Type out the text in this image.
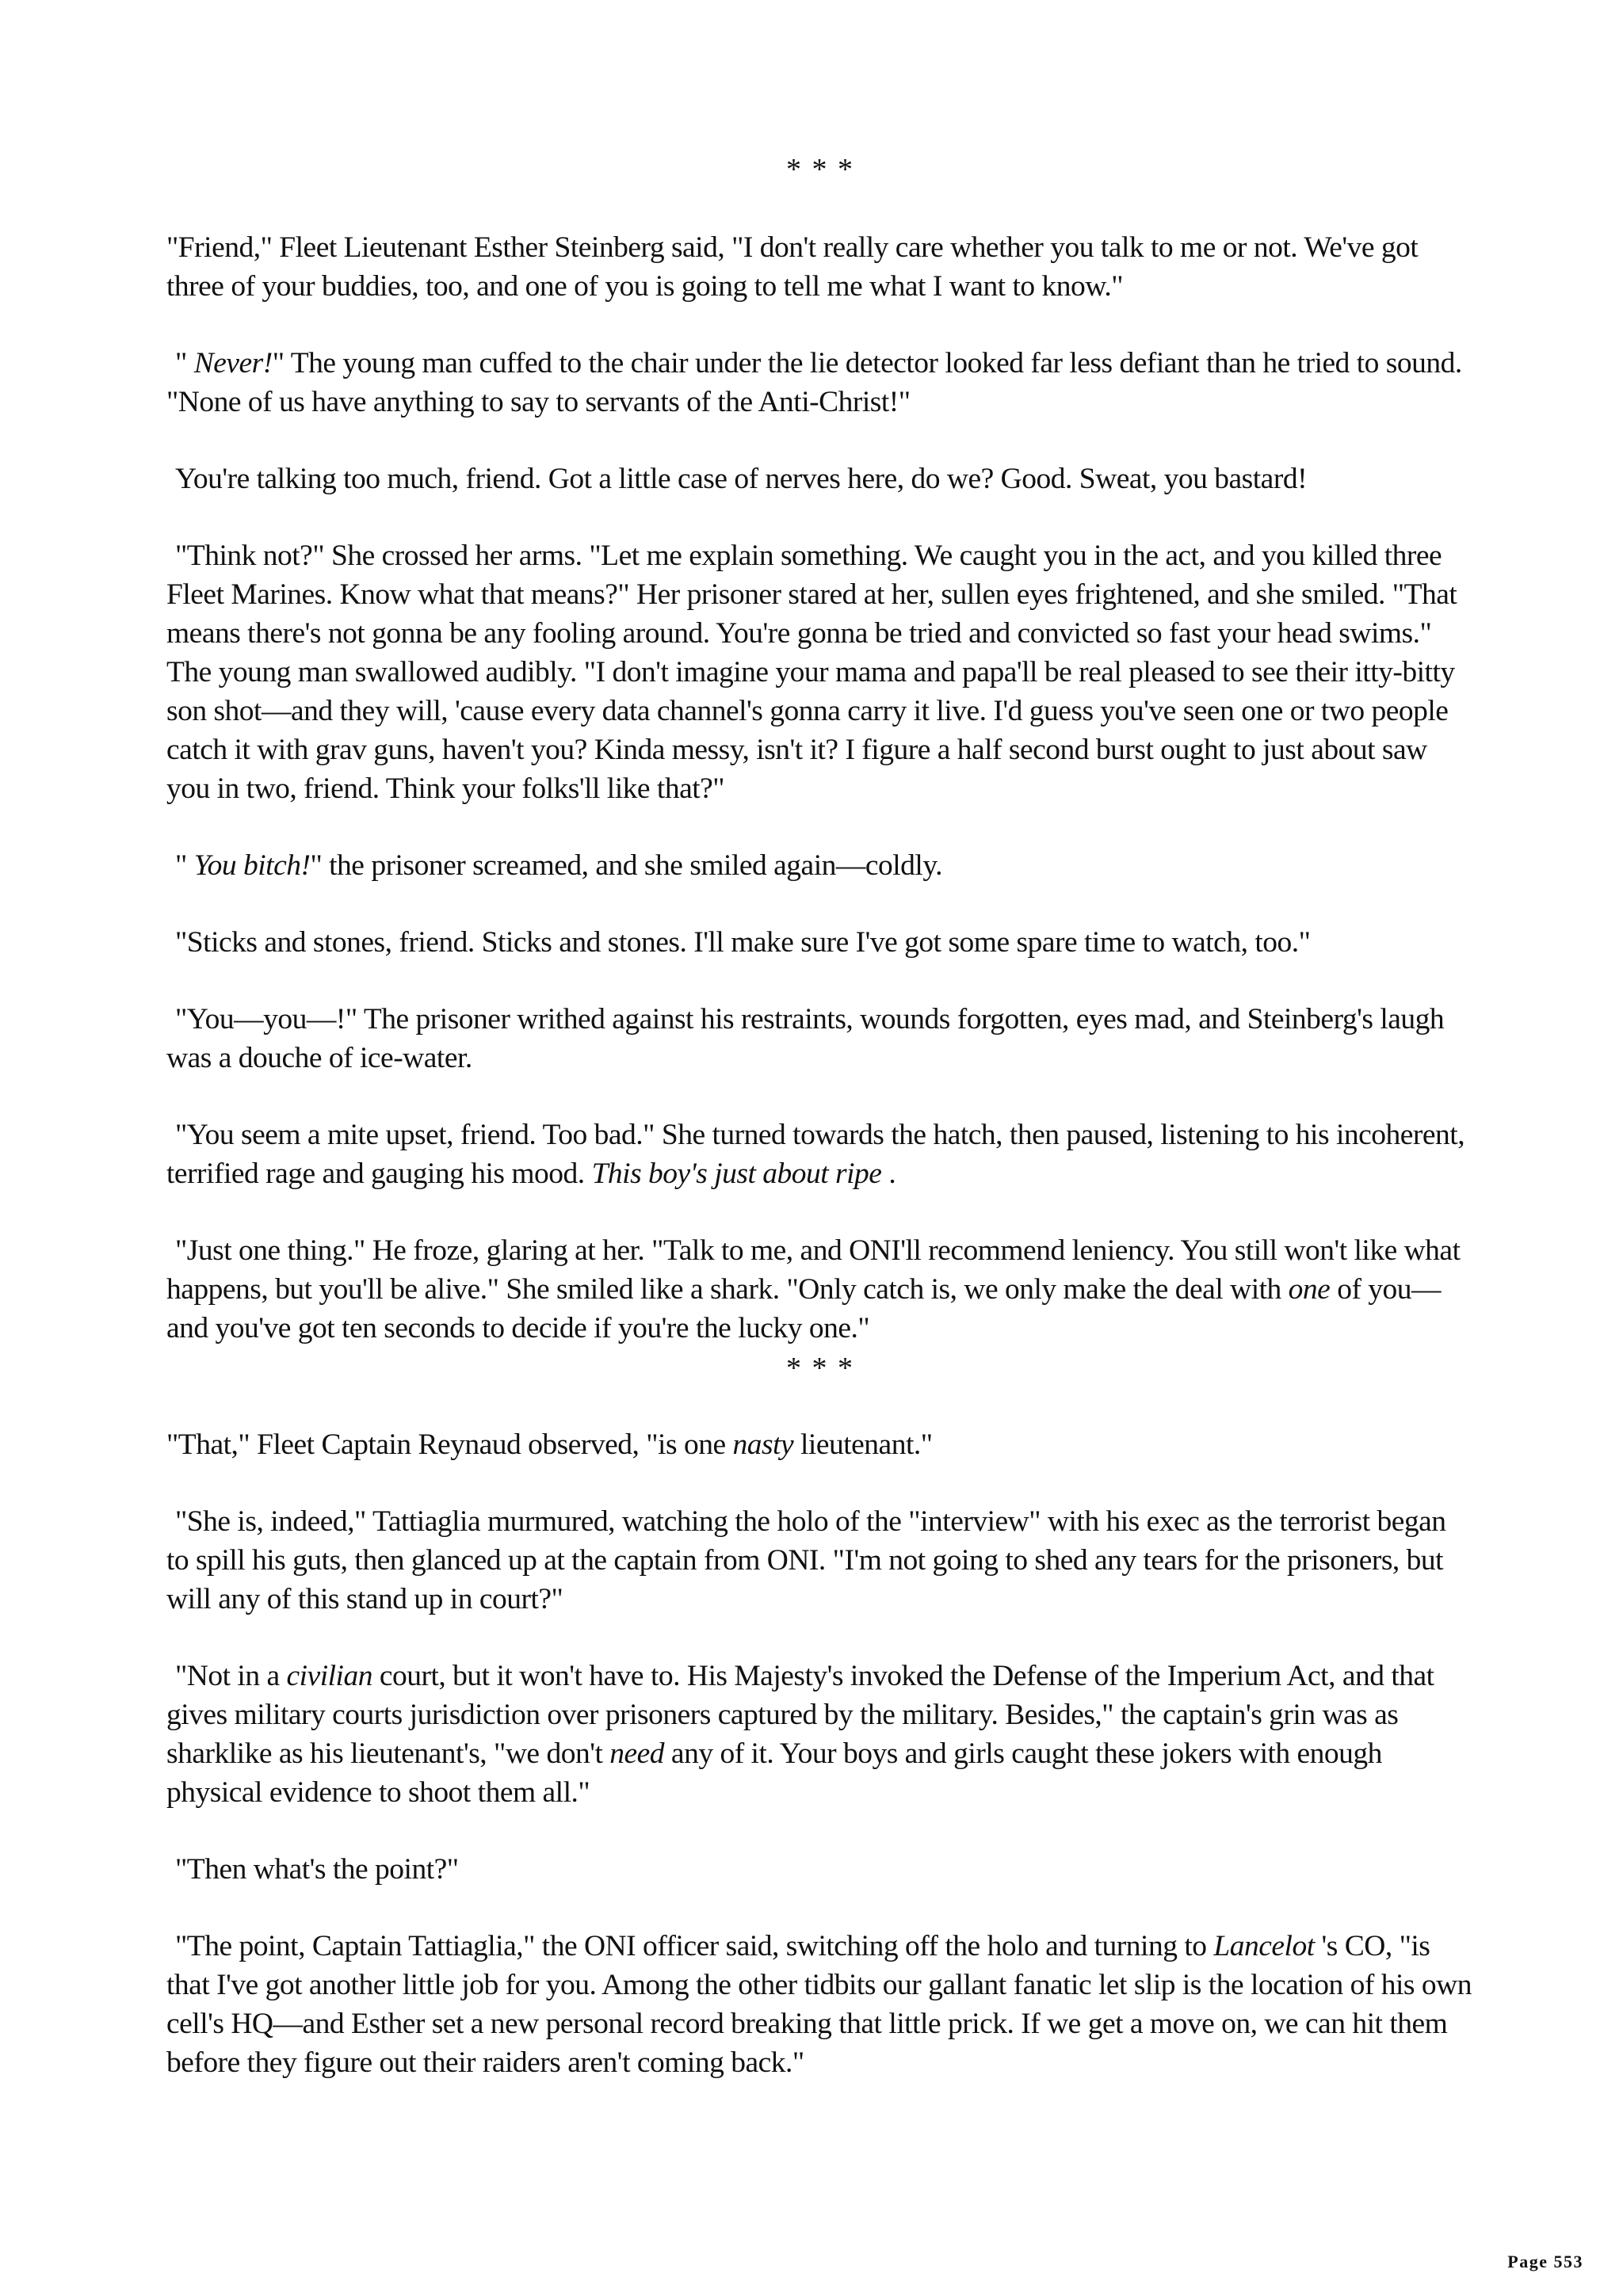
* * *

"Friend," Fleet Lieutenant Esther Steinberg said, "I don't really care whether you talk to me or not. We've got three of your buddies, too, and one of you is going to tell me what I want to know."

" Never!" The young man cuffed to the chair under the lie detector looked far less defiant than he tried to sound. "None of us have anything to say to servants of the Anti-Christ!"

You're talking too much, friend. Got a little case of nerves here, do we? Good. Sweat, you bastard!

"Think not?" She crossed her arms. "Let me explain something. We caught you in the act, and you killed three Fleet Marines. Know what that means?" Her prisoner stared at her, sullen eyes frightened, and she smiled. "That means there's not gonna be any fooling around. You're gonna be tried and convicted so fast your head swims." The young man swallowed audibly. "I don't imagine your mama and papa'll be real pleased to see their itty-bitty son shot—and they will, 'cause every data channel's gonna carry it live. I'd guess you've seen one or two people catch it with grav guns, haven't you? Kinda messy, isn't it? I figure a half second burst ought to just about saw you in two, friend. Think your folks'll like that?"

" You bitch!" the prisoner screamed, and she smiled again—coldly.

"Sticks and stones, friend. Sticks and stones. I'll make sure I've got some spare time to watch, too."

"You—you—!" The prisoner writhed against his restraints, wounds forgotten, eyes mad, and Steinberg's laugh was a douche of ice-water.

"You seem a mite upset, friend. Too bad." She turned towards the hatch, then paused, listening to his incoherent, terrified rage and gauging his mood. This boy's just about ripe .

"Just one thing." He froze, glaring at her. "Talk to me, and ONI'll recommend leniency. You still won't like what happens, but you'll be alive." She smiled like a shark. "Only catch is, we only make the deal with one of you—and you've got ten seconds to decide if you're the lucky one."

* * *

"That," Fleet Captain Reynaud observed, "is one nasty lieutenant."

"She is, indeed," Tattiaglia murmured, watching the holo of the "interview" with his exec as the terrorist began to spill his guts, then glanced up at the captain from ONI. "I'm not going to shed any tears for the prisoners, but will any of this stand up in court?"

"Not in a civilian court, but it won't have to. His Majesty's invoked the Defense of the Imperium Act, and that gives military courts jurisdiction over prisoners captured by the military. Besides," the captain's grin was as sharklike as his lieutenant's, "we don't need any of it. Your boys and girls caught these jokers with enough physical evidence to shoot them all."

"Then what's the point?"

"The point, Captain Tattiaglia," the ONI officer said, switching off the holo and turning to Lancelot 's CO, "is that I've got another little job for you. Among the other tidbits our gallant fanatic let slip is the location of his own cell's HQ—and Esther set a new personal record breaking that little prick. If we get a move on, we can hit them before they figure out their raiders aren't coming back."

Page 553
